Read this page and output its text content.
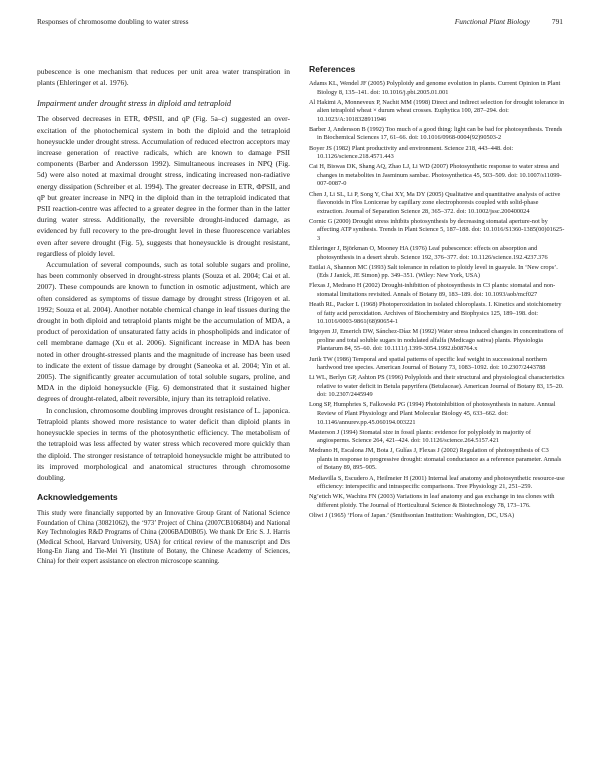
Responses of chromosome doubling to water stress	Functional Plant Biology	791

pubescence is one mechanism that reduces per unit area water transpiration in plants (Ehleringer et al. 1976).

Impairment under drought stress in diploid and tetraploid

The observed decreases in ETR, ΦPSII, and qP (Fig. 5a–c) suggested an over-excitation of the photochemical system in both the diploid and the tetraploid honeysuckle under drought stress. Accumulation of reduced electron acceptors may increase generation of reactive radicals, which are known to damage PSII components (Barber and Andersson 1992). Simultaneous increases in NPQ (Fig. 5d) were also noted at maximal drought stress, indicating increased non-radiative energy dissipation (Schreiber et al. 1994). The greater decrease in ETR, ΦPSII, and qP but greater increase in NPQ in the diploid than in the tetraploid indicated that PSII reaction-centre was affected to a greater degree in the former than in the latter during water stress. Additionally, the reversible drought-induced damage, as evidenced by full recovery to the pre-drought level in these fluorescence variables even after severe drought (Fig. 5), suggests that honeysuckle is drought resistant, regardless of ploidy level.

Accumulation of several compounds, such as total soluble sugars and proline, has been commonly observed in drought-stress plants (Souza et al. 2004; Cai et al. 2007). These compounds are known to function in osmotic adjustment, which are often considered as symptoms of tissue damage by drought stress (Irigoyen et al. 1992; Souza et al. 2004). Another notable chemical change in leaf tissues during the drought in both diploid and tetraploid plants might be the accumulation of MDA, a product of peroxidation of unsaturated fatty acids in phospholipids and indicator of cell membrane damage (Xu et al. 2006). Significant increase in MDA has been noted in other drought-stressed plants and the magnitude of increase has been used to indicate the extent of tissue damage by drought (Sanеoka et al. 2004; Yin et al. 2005). The significantly greater accumulation of total soluble sugars, proline, and MDA in the diploid honeysuckle (Fig. 6) demonstrated that it sustained higher degrees of drought-related, albeit reversible, injury than its tetraploid relative.

In conclusion, chromosome doubling improves drought resistance of L. japonica. Tetraploid plants showed more resistance to water deficit than diploid plants in honeysuckle species in terms of the photosynthetic efficiency. The metabolism of the tetraploid was less affected by water stress which recovered more quickly than the diploid. The stronger resistance of tetraploid honeysuckle might be attributed to its improved morphological and anatomical structures through chromosome doubling.

Acknowledgements

This study were financially supported by an Innovative Group Grant of National Science Foundation of China (30821062), the ‘973’ Project of China (2007CB106804) and National Key Technologies R&D Programs of China (2006BAD0B05). We thank Dr Eric S. J. Harris (Medical School, Harvard University, USA) for critical review of the manuscript and Drs Hong-En Jiang and Tie-Mei Yi (Institute of Botany, the Chinese Academy of Sciences, China) for their expert assistance on electron microscope scanning.

References

Adams KL, Wendel JF (2005) Polyploidy and genome evolution in plants. Current Opinion in Plant Biology 8, 135–141. doi: 10.1016/j.pbi.2005.01.001

Al Hakimi A, Monneveux P, Nachit MM (1998) Direct and indirect selection for drought tolerance in alien tetraploid wheat × durum wheat crosses. Euphytica 100, 287–294. doi: 10.1023/A:1018328911946

Barber J, Andersson B (1992) Too much of a good thing: light can be bad for photosynthesis. Trends in Biochemical Sciences 17, 61–66. doi: 10.1016/0968-0004(92)90503-2

Boyer JS (1982) Plant productivity and environment. Science 218, 443–448. doi: 10.1126/science.218.4571.443

Cai H, Biswas DK, Shang AQ, Zhao LJ, Li WD (2007) Photosynthetic response to water stress and changes in metabolites in Jasminum sambac. Photosynthetica 45, 503–509. doi: 10.1007/s11099-007-0087-0

Chen J, Li SL, Li P, Song Y, Chai XY, Ma DY (2005) Qualitative and quantitative analysis of active flavonoids in Flos Lonicerae by capillary zone electrophoresis coupled with solid-phase extraction. Journal of Separation Science 28, 365–372. doi: 10.1002/jssc.200400024

Cornic G (2000) Drought stress inhibits photosynthesis by decreasing stomatal aperture-not by affecting ATP synthesis. Trends in Plant Science 5, 187–188. doi: 10.1016/S1360-1385(00)01625-3

Ehleringer J, Björkman O, Mooney HA (1976) Leaf pubescence: effects on absorption and photosynthesis in a desert shrub. Science 192, 376–377. doi: 10.1126/science.192.4237.376

Estilai A, Shannon MC (1993) Salt tolerance in relation to ploidy level in guayule. In ‘New crops’. (Eds J Janick, JE Simon) pp. 349–351. (Wiley: New York, USA)

Flexas J, Medrano H (2002) Drought-inhibition of photosynthesis in C3 plants: stomatal and non-stomatal limitations revisited. Annals of Botany 89, 183–189. doi: 10.1093/aob/mcf027

Heath RL, Packer L (1968) Photoperoxidation in isolated chloroplasts. I. Kinetics and stoichiometry of fatty acid peroxidation. Archives of Biochemistry and Biophysics 125, 189–198. doi: 10.1016/0003-9861(68)90654-1

Irigoyen JJ, Emerich DW, Sánchez-Díaz M (1992) Water stress induced changes in concentrations of proline and total soluble sugars in nodulated alfalfa (Medicago sativa) plants. Physiologia Plantarum 84, 55–60. doi: 10.1111/j.1399-3054.1992.tb08764.x

Jurik TW (1986) Temporal and spatial patterns of specific leaf weight in successional northern hardwood tree species. American Journal of Botany 73, 1083–1092. doi: 10.2307/2443788

Li WL, Berlyn GP, Ashton PS (1996) Polyploids and their structural and physiological characteristics relative to water deficit in Betula papyrifera (Betulaceae). American Journal of Botany 83, 15–20. doi: 10.2307/2445949

Long SP, Humphries S, Falkowski PG (1994) Photoinhibition of photosynthesis in nature. Annual Review of Plant Physiology and Plant Molecular Biology 45, 633–662. doi: 10.1146/annurev.pp.45.060194.003221

Masterson J (1994) Stomatal size in fossil plants: evidence for polyploidy in majority of angiosperms. Science 264, 421–424. doi: 10.1126/science.264.5157.421

Medrano H, Escalona JM, Bota J, Gulías J, Flexas J (2002) Regulation of photosynthesis of C3 plants in response to progressive drought: stomatal conductance as a reference parameter. Annals of Botany 89, 895–905.

Mediavilla S, Escudero A, Heilmeier H (2001) Internal leaf anatomy and photosynthetic resource-use efficiency: interspecific and intraspecific comparisons. Tree Physiology 21, 251–259.

Ng’etich WK, Wachira FN (2003) Variations in leaf anatomy and gas exchange in tea clones with different ploidy. The Journal of Horticultural Science & Biotechnology 78, 173–176.

Oliwi J (1965) ‘Flora of Japan.’ (Smithsonian Institution: Washington, DC, USA)
